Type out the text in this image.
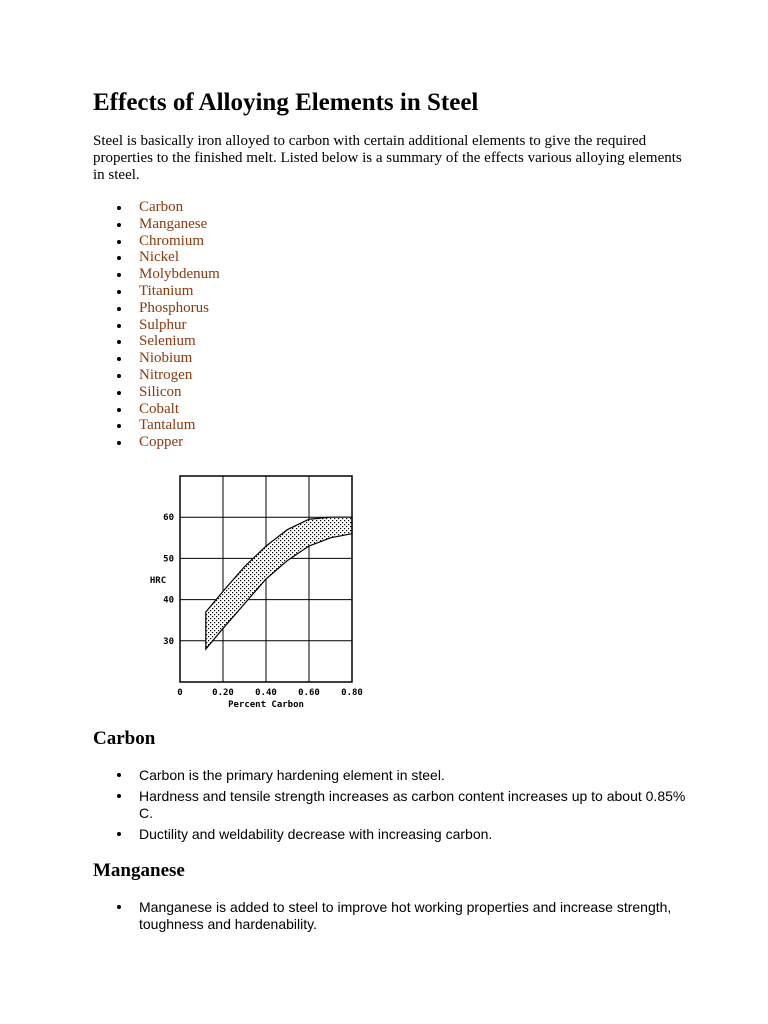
Effects of Alloying Elements in Steel

Steel is basically iron alloyed to carbon with certain additional elements to give the required properties to the finished melt. Listed below is a summary of the effects various alloying elements in steel.

Carbon
Manganese
Chromium
Nickel
Molybdenum
Titanium
Phosphorus
Sulphur
Selenium
Niobium
Nitrogen
Silicon
Cobalt
Tantalum
Copper
HRC
Percent Carbon
0	0.20 0.40 0.60 0.80
30
40
50
60
Carbon
Carbon is the primary hardening element in steel.
Hardness and tensile strength increases as carbon content increases up to about 0.85% C.
Ductility and weldability decrease with increasing carbon.
Manganese
Manganese is added to steel to improve hot working properties and increase strength, toughness and hardenability.
